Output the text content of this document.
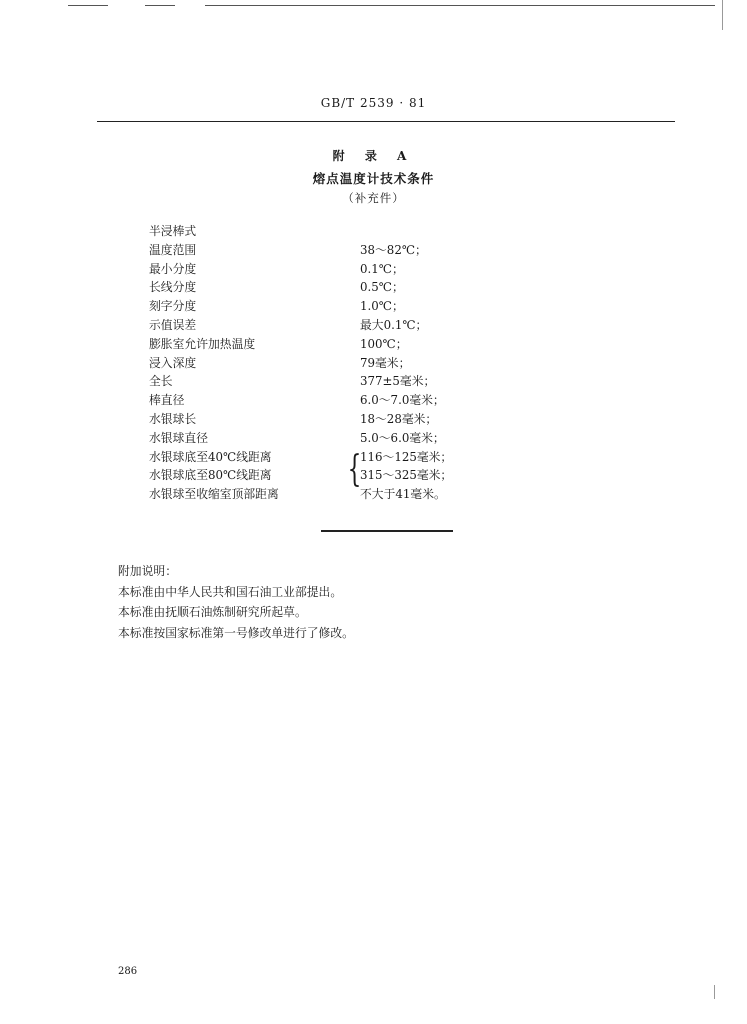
GB/T 2539 · 81
附 录 A
熔点温度计技术条件
（补充件）
半浸棒式
温度范围	38～82℃；
最小分度	0.1℃；
长线分度	0.5℃；
刻字分度	1.0℃；
示值误差	最大0.1℃；
膨胀室允许加热温度	100℃；
浸入深度	79毫米；
全长	377±5毫米；
棒直径	6.0～7.0毫米；
水银球长	18～28毫米；
水银球直径	5.0～6.0毫米；
水银球底至40℃线距离	116～125毫米；
水银球底至80℃线距离	315～325毫米；
水银球至收缩室顶部距离	不大于41毫米。
{
附加说明：
本标准由中华人民共和国石油工业部提出。
本标准由抚顺石油炼制研究所起草。
本标准按国家标准第一号修改单进行了修改。
286
